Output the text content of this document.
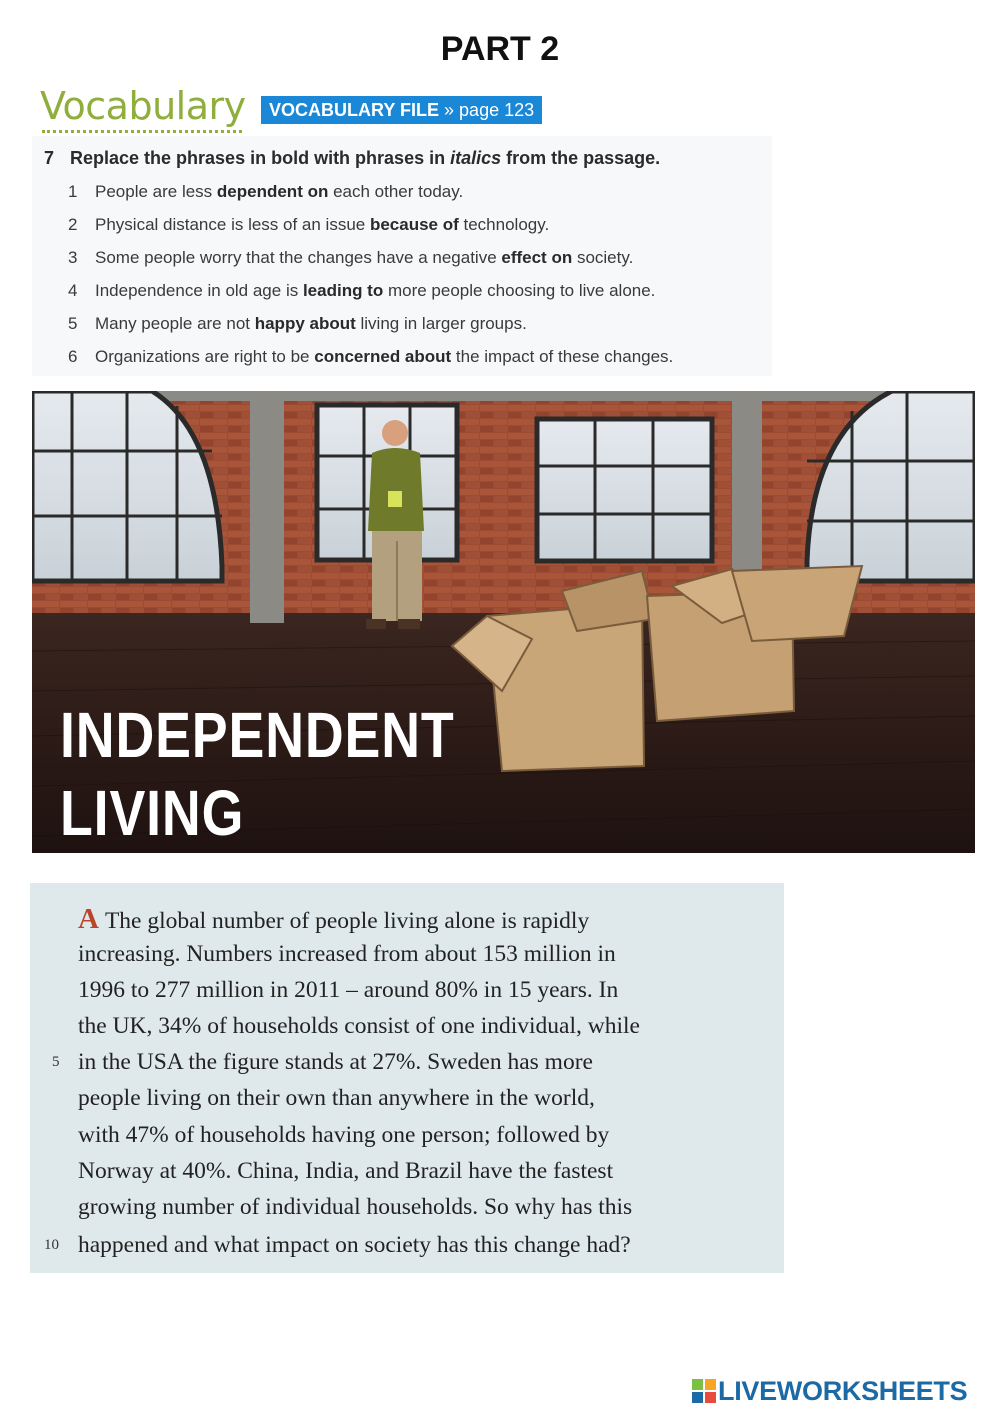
PART 2
Vocabulary	VOCABULARY FILE » page 123
7 Replace the phrases in bold with phrases in italics from the passage.
1 People are less dependent on each other today.
2 Physical distance is less of an issue because of technology.
3 Some people worry that the changes have a negative effect on society.
4 Independence in old age is leading to more people choosing to live alone.
5 Many people are not happy about living in larger groups.
6 Organizations are right to be concerned about the impact of these changes.
INDEPENDENT
LIVING
A The global number of people living alone is rapidly
increasing. Numbers increased from about 153 million in
1996 to 277 million in 2011 – around 80% in 15 years. In
the UK, 34% of households consist of one individual, while
5 in the USA the figure stands at 27%. Sweden has more
people living on their own than anywhere in the world,
with 47% of households having one person; followed by
Norway at 40%. China, India, and Brazil have the fastest
growing number of individual households. So why has this
10 happened and what impact on society has this change had?
LIVEWORKSHEETS
